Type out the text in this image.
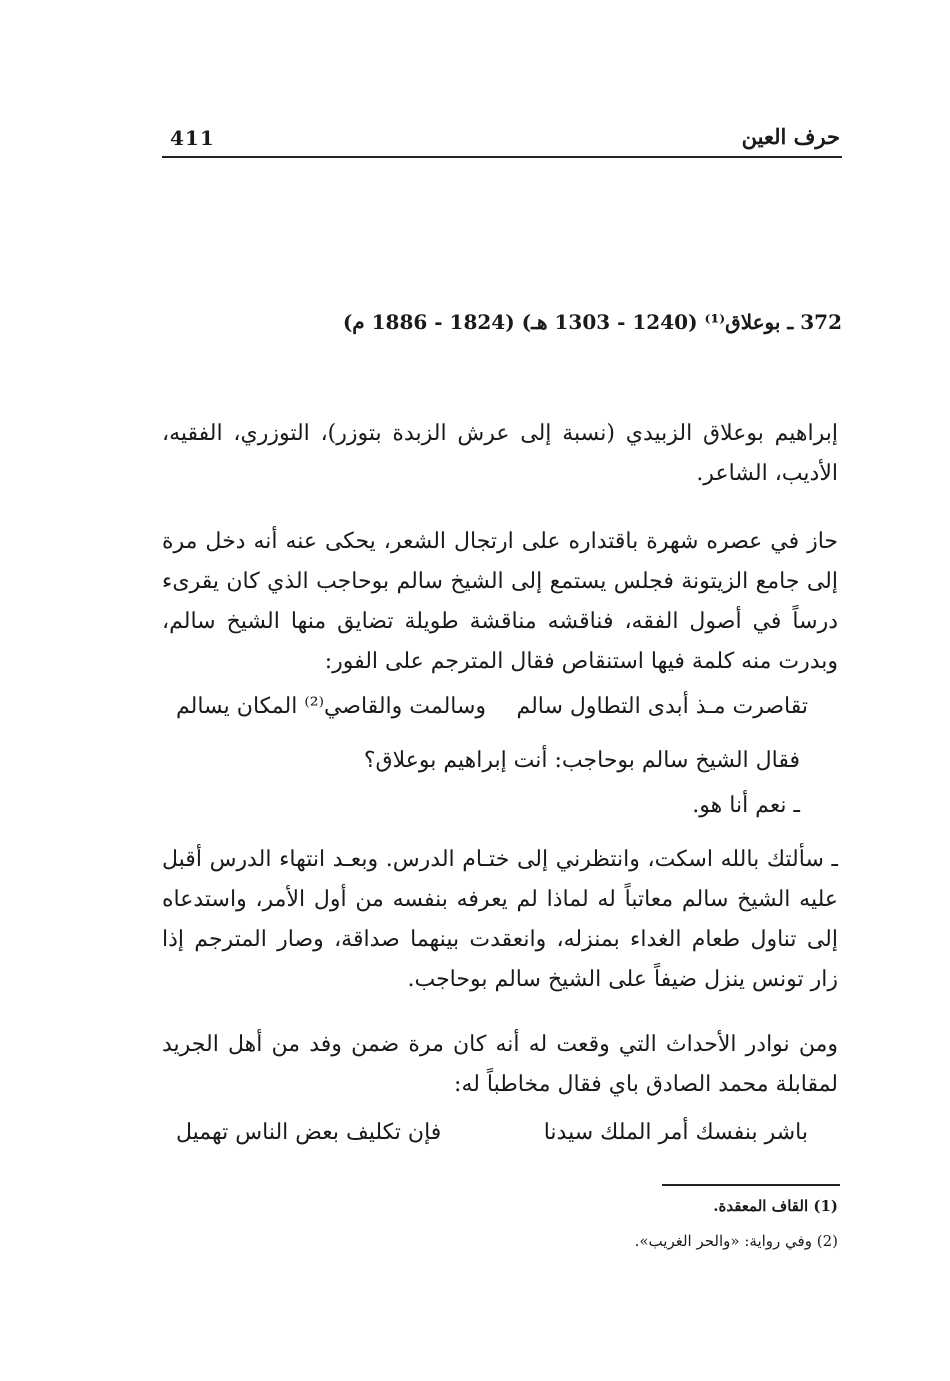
411	حرف العين
372 ـ بوعلاق⁽¹⁾ (1240 - 1303 هـ) (1824 - 1886 م)
إبراهيم بوعلاق الزبيدي (نسبة إلى عرش الزبدة بتوزر)، التوزري، الفقيه، الأديب، الشاعر.
حاز في عصره شهرة باقتداره على ارتجال الشعر، يحكى عنه أنه دخل مرة إلى جامع الزيتونة فجلس يستمع إلى الشيخ سالم بوحاجب الذي كان يقرىء درساً في أصول الفقه، فناقشه مناقشة طويلة تضايق منها الشيخ سالم، وبدرت منه كلمة فيها استنقاص فقال المترجم على الفور:
تقاصرت مـذ أبدى التطاول سالم
وسالمت والقاصي⁽²⁾ المكان يسالم
فقال الشيخ سالم بوحاجب: أنت إبراهيم بوعلاق؟
ـ نعم أنا هو.
ـ سألتك بالله اسكت، وانتظرني إلى ختـام الدرس. وبعـد انتهاء الدرس أقبل عليه الشيخ سالم معاتباً له لماذا لم يعرفه بنفسه من أول الأمر، واستدعاه إلى تناول طعام الغداء بمنزله، وانعقدت بينهما صداقة، وصار المترجم إذا زار تونس ينزل ضيفاً على الشيخ سالم بوحاجب.
ومن نوادر الأحداث التي وقعت له أنه كان مرة ضمن وفد من أهل الجريد لمقابلة محمد الصادق باي فقال مخاطباً له:
باشر بنفسك أمر الملك سيدنا
فإن تكليف بعض الناس تهميل
(1) القاف المعقدة.
(2) وفي رواية: «والحر الغريب».
